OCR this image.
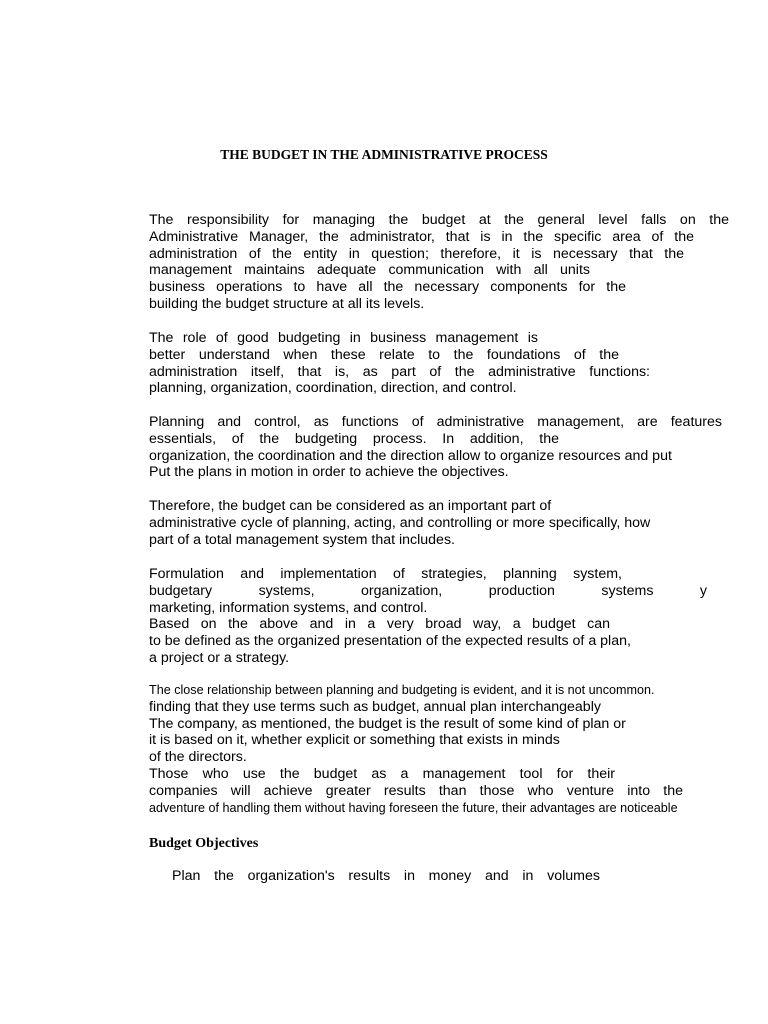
THE BUDGET IN THE ADMINISTRATIVE PROCESS

The responsibility for managing the budget at the general level falls on the
Administrative Manager, the administrator, that is in the specific area of the
administration of the entity in question; therefore, it is necessary that the
management maintains adequate communication with all units
business operations to have all the necessary components for the
building the budget structure at all its levels.

The role of good budgeting in business management is
better understand when these relate to the foundations of the
administration itself, that is, as part of the administrative functions:
planning, organization, coordination, direction, and control.

Planning and control, as functions of administrative management, are features
essentials, of the budgeting process. In addition, the
organization, the coordination and the direction allow to organize resources and put
Put the plans in motion in order to achieve the objectives.

Therefore, the budget can be considered as an important part of
administrative cycle of planning, acting, and controlling or more specifically, how
part of a total management system that includes.

Formulation and implementation of strategies, planning system,
budgetary systems, organization, production systems y
marketing, information systems, and control.
Based on the above and in a very broad way, a budget can
to be defined as the organized presentation of the expected results of a plan,
a project or a strategy.

The close relationship between planning and budgeting is evident, and it is not uncommon.
finding that they use terms such as budget, annual plan interchangeably
The company, as mentioned, the budget is the result of some kind of plan or
it is based on it, whether explicit or something that exists in minds
of the directors.
Those who use the budget as a management tool for their
companies will achieve greater results than those who venture into the
adventure of handling them without having foreseen the future, their advantages are noticeable

Budget Objectives

Plan the organization's results in money and in volumes
